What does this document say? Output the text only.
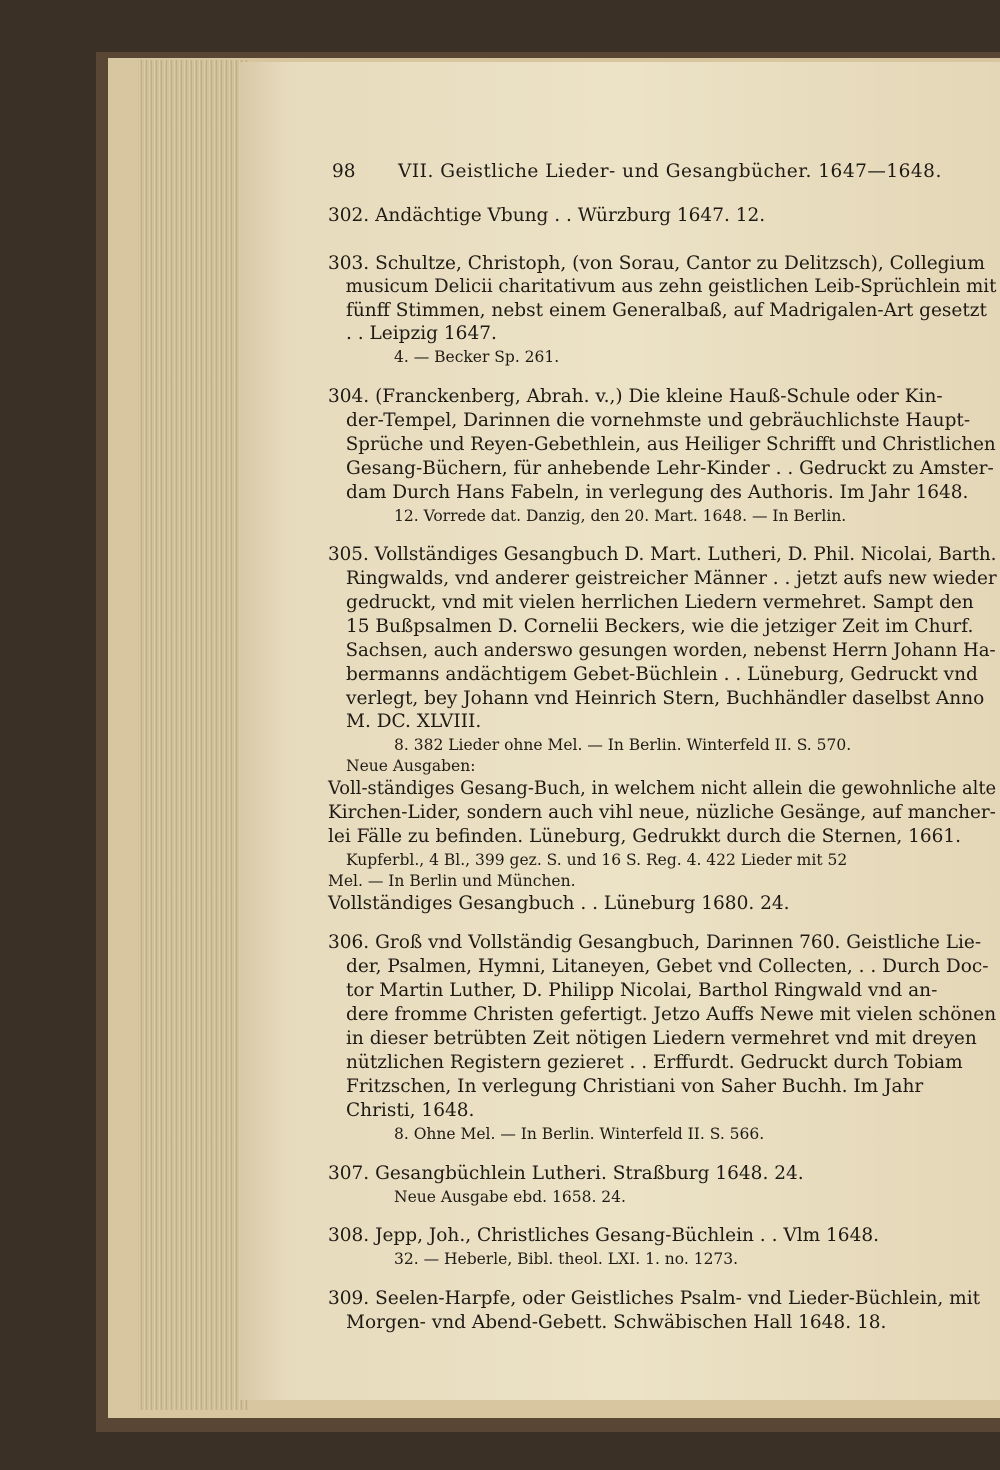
98 VII. Geistliche Lieder- und Gesangbücher. 1647—1648.
302. Andächtige Vbung . . Würzburg 1647. 12.
303. Schultze, Christoph, (von Sorau, Cantor zu Delitzsch), Collegium
musicum Delicii charitativum aus zehn geistlichen Leib-Sprüchlein mit
fünff Stimmen, nebst einem Generalbaß, auf Madrigalen-Art gesetzt
. . Leipzig 1647.
4. — Becker Sp. 261.
304. (Franckenberg, Abrah. v.,) Die kleine Hauß-Schule oder Kin-
der-Tempel, Darinnen die vornehmste und gebräuchlichste Haupt-
Sprüche und Reyen-Gebethlein, aus Heiliger Schrifft und Christlichen
Gesang-Büchern, für anhebende Lehr-Kinder . . Gedruckt zu Amster-
dam Durch Hans Fabeln, in verlegung des Authoris. Im Jahr 1648.
12. Vorrede dat. Danzig, den 20. Mart. 1648. — In Berlin.
305. Vollständiges Gesangbuch D. Mart. Lutheri, D. Phil. Nicolai, Barth.
Ringwalds, vnd anderer geistreicher Männer . . jetzt aufs new wieder
gedruckt, vnd mit vielen herrlichen Liedern vermehret. Sampt den
15 Bußpsalmen D. Cornelii Beckers, wie die jetziger Zeit im Churf.
Sachsen, auch anderswo gesungen worden, nebenst Herrn Johann Ha-
bermanns andächtigem Gebet-Büchlein . . Lüneburg, Gedruckt vnd
verlegt, bey Johann vnd Heinrich Stern, Buchhändler daselbst Anno
M. DC. XLVIII.
8. 382 Lieder ohne Mel. — In Berlin. Winterfeld II. S. 570.
Neue Ausgaben:
Voll-ständiges Gesang-Buch, in welchem nicht allein die gewohnliche alte
Kirchen-Lider, sondern auch vihl neue, nüzliche Gesänge, auf mancher-
lei Fälle zu befinden. Lüneburg, Gedrukkt durch die Sternen, 1661.
Kupferbl., 4 Bl., 399 gez. S. und 16 S. Reg. 4. 422 Lieder mit 52
Mel. — In Berlin und München.
Vollständiges Gesangbuch . . Lüneburg 1680. 24.
306. Groß vnd Vollständig Gesangbuch, Darinnen 760. Geistliche Lie-
der, Psalmen, Hymni, Litaneyen, Gebet vnd Collecten, . . Durch Doc-
tor Martin Luther, D. Philipp Nicolai, Barthol Ringwald vnd an-
dere fromme Christen gefertigt. Jetzo Auffs Newe mit vielen schönen
in dieser betrübten Zeit nötigen Liedern vermehret vnd mit dreyen
nützlichen Registern gezieret . . Erffurdt. Gedruckt durch Tobiam
Fritzschen, In verlegung Christiani von Saher Buchh. Im Jahr
Christi, 1648.
8. Ohne Mel. — In Berlin. Winterfeld II. S. 566.
307. Gesangbüchlein Lutheri. Straßburg 1648. 24.
Neue Ausgabe ebd. 1658. 24.
308. Jepp, Joh., Christliches Gesang-Büchlein . . Vlm 1648.
32. — Heberle, Bibl. theol. LXI. 1. no. 1273.
309. Seelen-Harpfe, oder Geistliches Psalm- vnd Lieder-Büchlein, mit
Morgen- vnd Abend-Gebett. Schwäbischen Hall 1648. 18.
